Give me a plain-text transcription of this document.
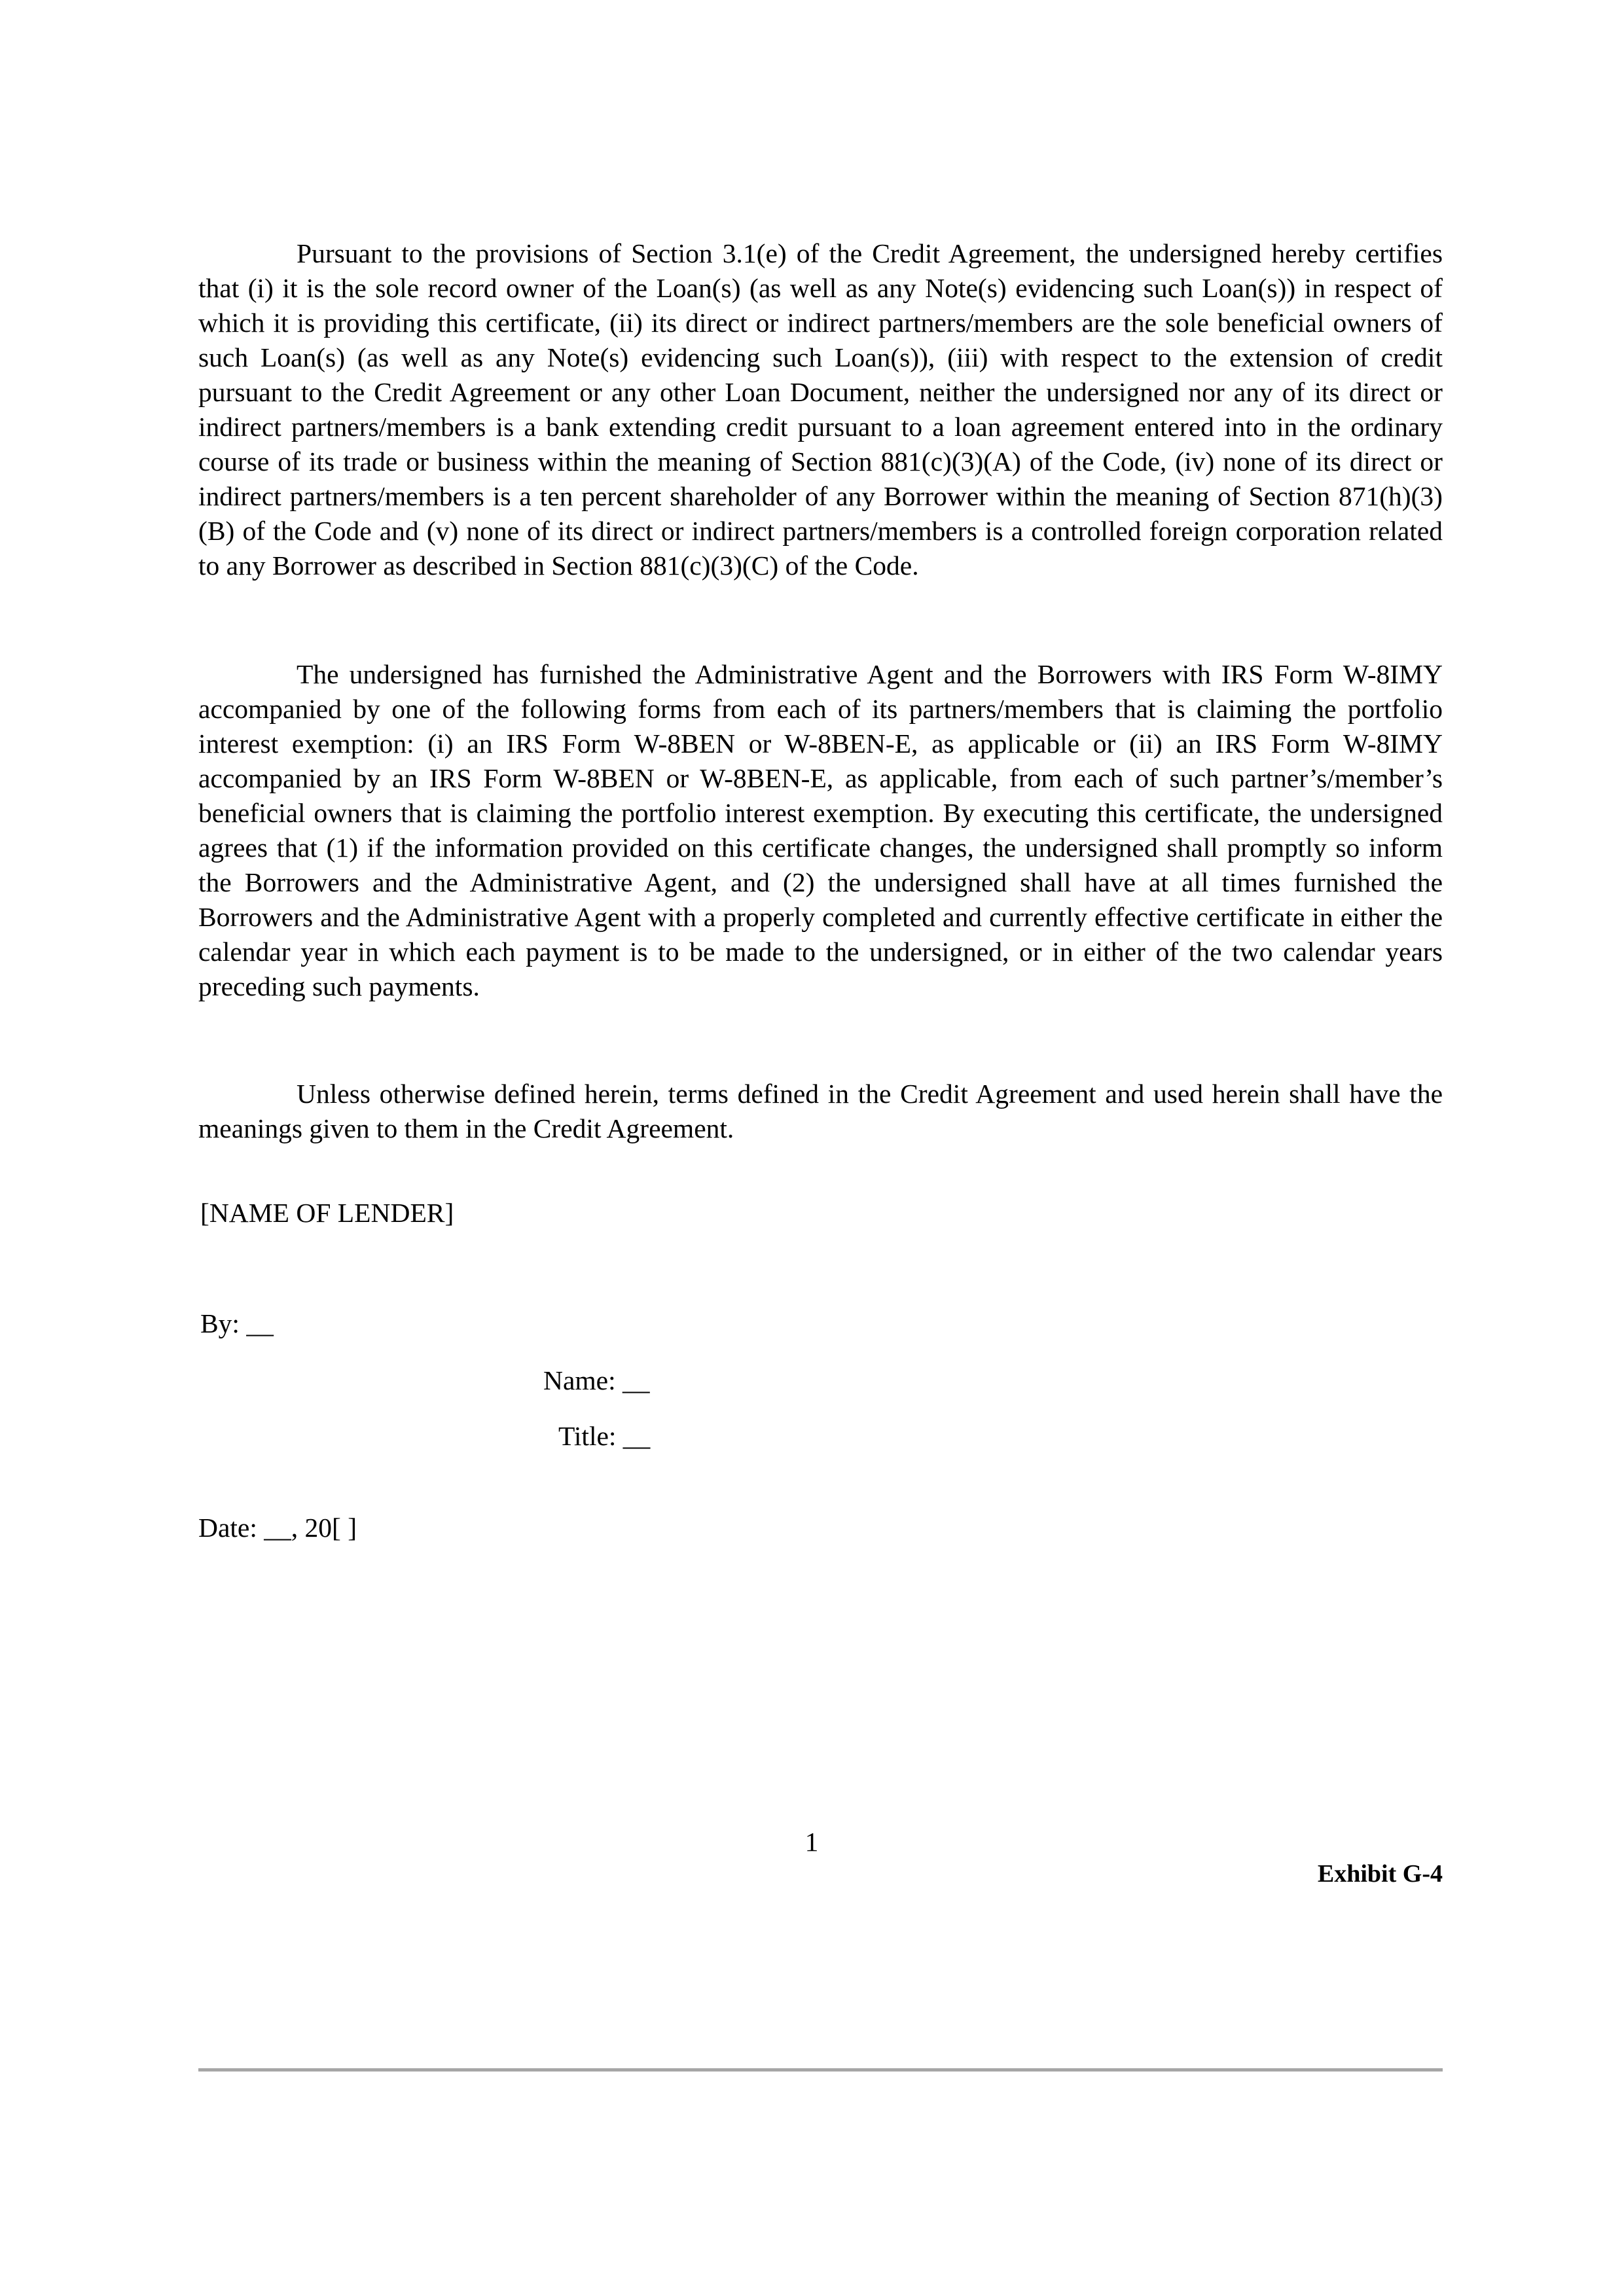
Pursuant to the provisions of Section 3.1(e) of the Credit Agreement, the undersigned hereby certifies that (i) it is the sole record owner of the Loan(s) (as well as any Note(s) evidencing such Loan(s)) in respect of which it is providing this certificate, (ii) its direct or indirect partners/members are the sole beneficial owners of such Loan(s) (as well as any Note(s) evidencing such Loan(s)), (iii) with respect to the extension of credit pursuant to the Credit Agreement or any other Loan Document, neither the undersigned nor any of its direct or indirect partners/members is a bank extending credit pursuant to a loan agreement entered into in the ordinary course of its trade or business within the meaning of Section 881(c)(3)(A) of the Code, (iv) none of its direct or indirect partners/members is a ten percent shareholder of any Borrower within the meaning of Section 871(h)(3)(B) of the Code and (v) none of its direct or indirect partners/members is a controlled foreign corporation related to any Borrower as described in Section 881(c)(3)(C) of the Code.

The undersigned has furnished the Administrative Agent and the Borrowers with IRS Form W-8IMY accompanied by one of the following forms from each of its partners/members that is claiming the portfolio interest exemption: (i) an IRS Form W-8BEN or W-8BEN-E, as applicable or (ii) an IRS Form W-8IMY accompanied by an IRS Form W-8BEN or W-8BEN-E, as applicable, from each of such partner’s/member’s beneficial owners that is claiming the portfolio interest exemption. By executing this certificate, the undersigned agrees that (1) if the information provided on this certificate changes, the undersigned shall promptly so inform the Borrowers and the Administrative Agent, and (2) the undersigned shall have at all times furnished the Borrowers and the Administrative Agent with a properly completed and currently effective certificate in either the calendar year in which each payment is to be made to the undersigned, or in either of the two calendar years preceding such payments.

Unless otherwise defined herein, terms defined in the Credit Agreement and used herein shall have the meanings given to them in the Credit Agreement.

[NAME OF LENDER]

By: __

Name: __

Title: __

Date: __, 20[ ]

1
Exhibit G-4
